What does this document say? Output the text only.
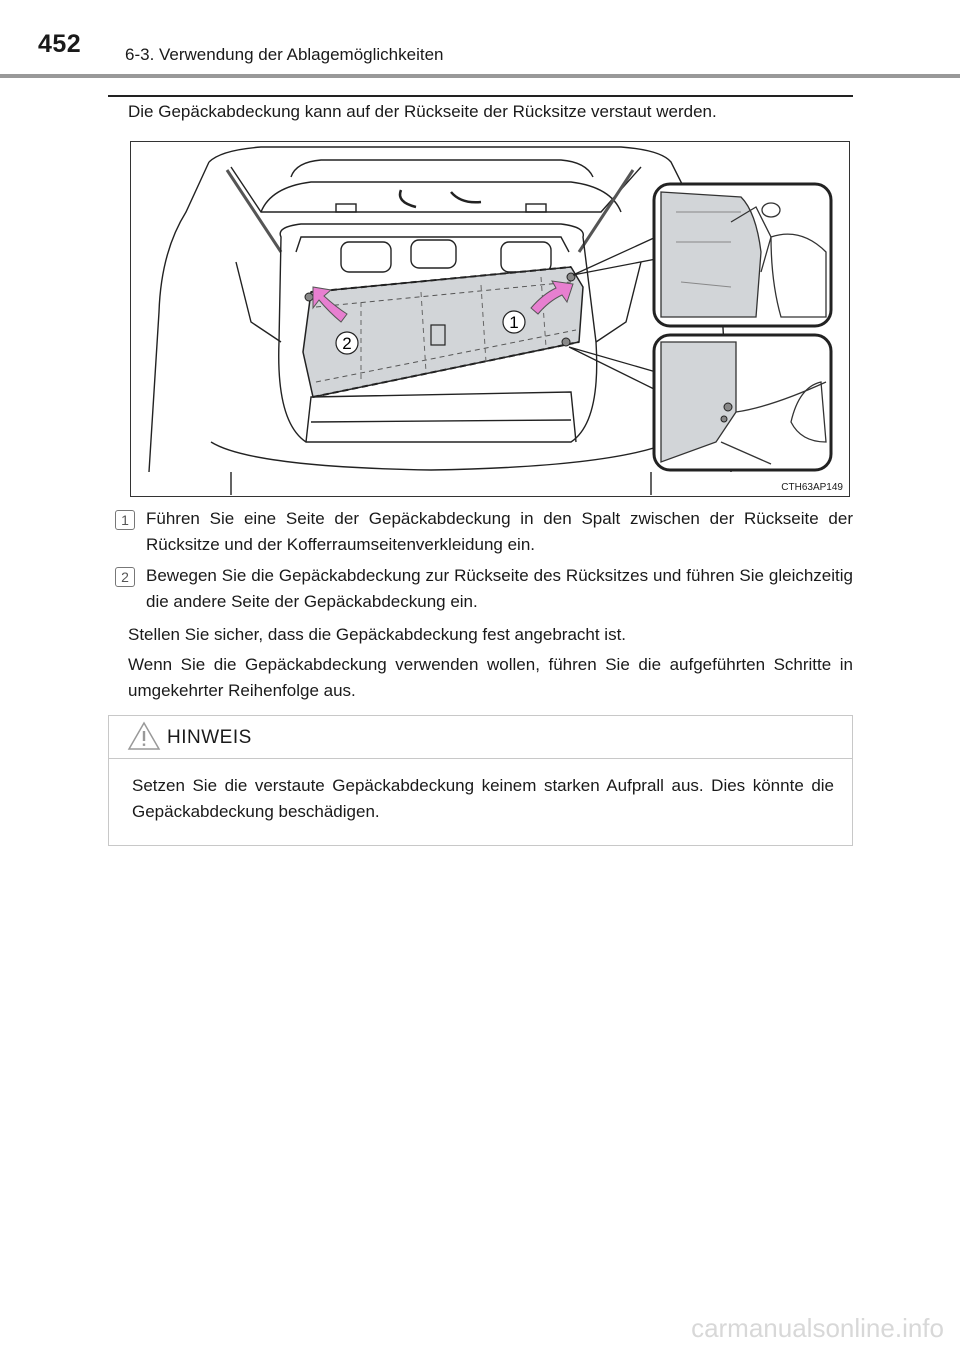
452	6-3. Verwendung der Ablagemöglichkeiten
Die Gepäckabdeckung kann auf der Rückseite der Rücksitze verstaut werden.
1
2
CTH63AP149
1	Führen Sie eine Seite der Gepäckabdeckung in den Spalt zwischen der Rückseite der Rücksitze und der Kofferraumseitenverkleidung ein.
2	Bewegen Sie die Gepäckabdeckung zur Rückseite des Rücksitzes und führen Sie gleichzeitig die andere Seite der Gepäckabdeckung ein.
Stellen Sie sicher, dass die Gepäckabdeckung fest angebracht ist.
Wenn Sie die Gepäckabdeckung verwenden wollen, führen Sie die aufgeführten Schritte in umgekehrter Reihenfolge aus.
HINWEIS
Setzen Sie die verstaute Gepäckabdeckung keinem starken Aufprall aus. Dies könnte die Gepäckabdeckung beschädigen.
carmanualsonline.info
